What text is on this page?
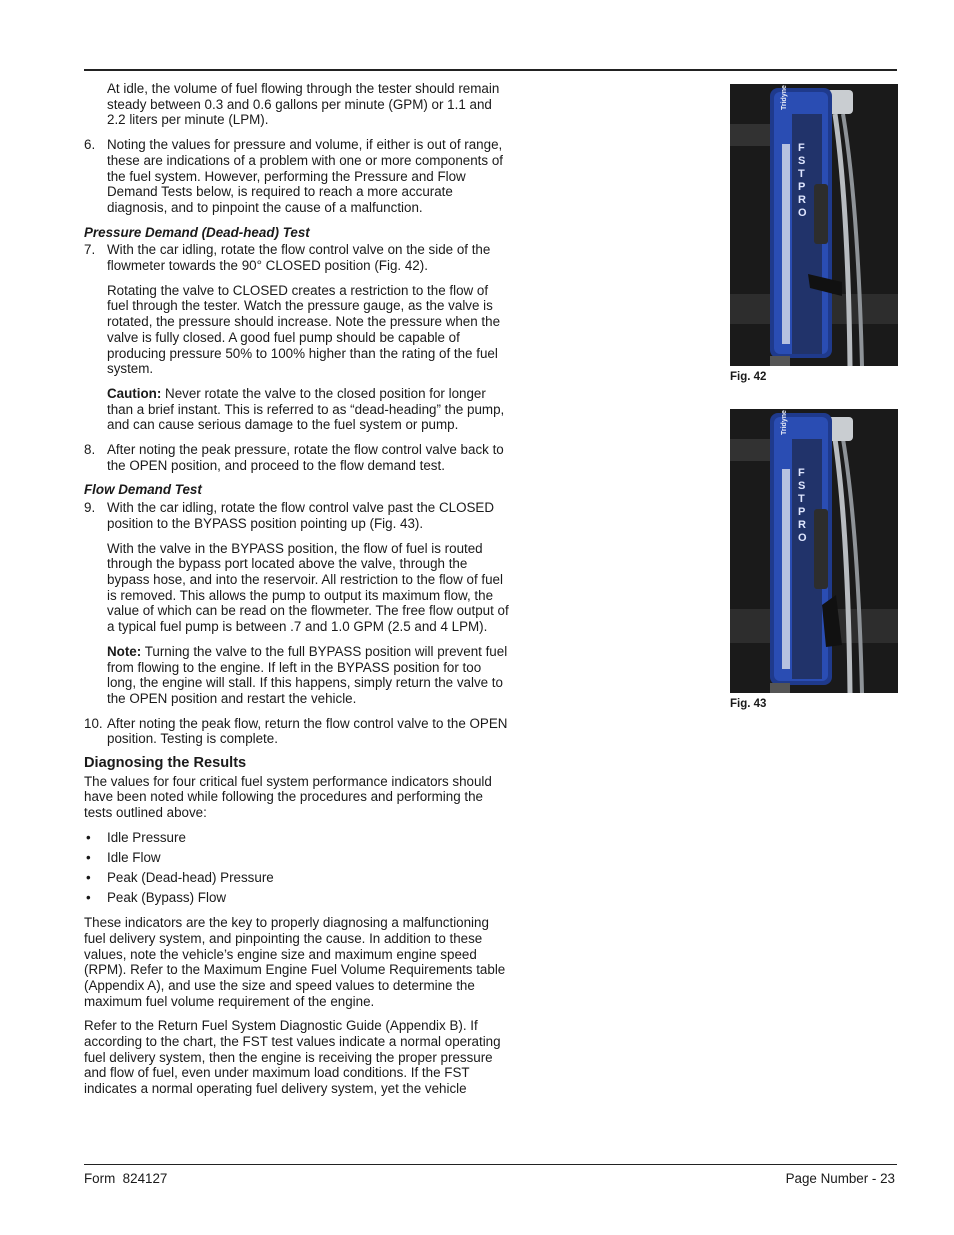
At idle, the volume of fuel flowing through the tester should remain steady between 0.3 and 0.6 gallons per minute (GPM) or 1.1 and 2.2 liters per minute (LPM).

6. Noting the values for pressure and volume, if either is out of range, these are indications of a problem with one or more components of the fuel system. However, performing the Pressure and Flow Demand Tests below, is required to reach a more accurate diagnosis, and to pinpoint the cause of a malfunction.
Pressure Demand (Dead-head) Test
7. With the car idling, rotate the flow control valve on the side of the flowmeter towards the 90° CLOSED position (Fig. 42).

Rotating the valve to CLOSED creates a restriction to the flow of fuel through the tester. Watch the pressure gauge, as the valve is rotated, the pressure should increase. Note the pressure when the valve is fully closed. A good fuel pump should be capable of producing pressure 50% to 100% higher than the rating of the fuel system.

Caution: Never rotate the valve to the closed position for longer than a brief instant. This is referred to as “dead-heading” the pump, and can cause serious damage to the fuel system or pump.

8. After noting the peak pressure, rotate the flow control valve back to the OPEN position, and proceed to the flow demand test.
Flow Demand Test
9. With the car idling, rotate the flow control valve past the CLOSED position to the BYPASS position pointing up (Fig. 43).

With the valve in the BYPASS position, the flow of fuel is routed through the bypass port located above the valve, through the bypass hose, and into the reservoir. All restriction to the flow of fuel is removed. This allows the pump to output its maximum flow, the value of which can be read on the flowmeter. The free flow output of a typical fuel pump is between .7 and 1.0 GPM (2.5 and 4 LPM).

Note: Turning the valve to the full BYPASS position will prevent fuel from flowing to the engine. If left in the BYPASS position for too long, the engine will stall. If this happens, simply return the valve to the OPEN position and restart the vehicle.

10. After noting the peak flow, return the flow control valve to the OPEN position. Testing is complete.
Diagnosing the Results

The values for four critical fuel system performance indicators should have been noted while following the procedures and performing the tests outlined above:

• Idle Pressure
• Idle Flow
• Peak (Dead-head) Pressure
• Peak (Bypass) Flow

These indicators are the key to properly diagnosing a malfunctioning fuel delivery system, and pinpointing the cause. In addition to these values, note the vehicle’s engine size and maximum engine speed (RPM). Refer to the Maximum Engine Fuel Volume Requirements table (Appendix A), and use the size and speed values to determine the maximum fuel volume requirement of the engine.

Refer to the Return Fuel System Diagnostic Guide (Appendix B). If according to the chart, the FST test values indicate a normal operating fuel delivery system, then the engine is receiving the proper pressure and flow of fuel, even under maximum load conditions. If the FST indicates a normal operating fuel delivery system, yet the vehicle

Tridyne
FST PRO
Fig. 42
Tridyne
FST PRO
Fig. 43
Form  824127	Page Number - 23
